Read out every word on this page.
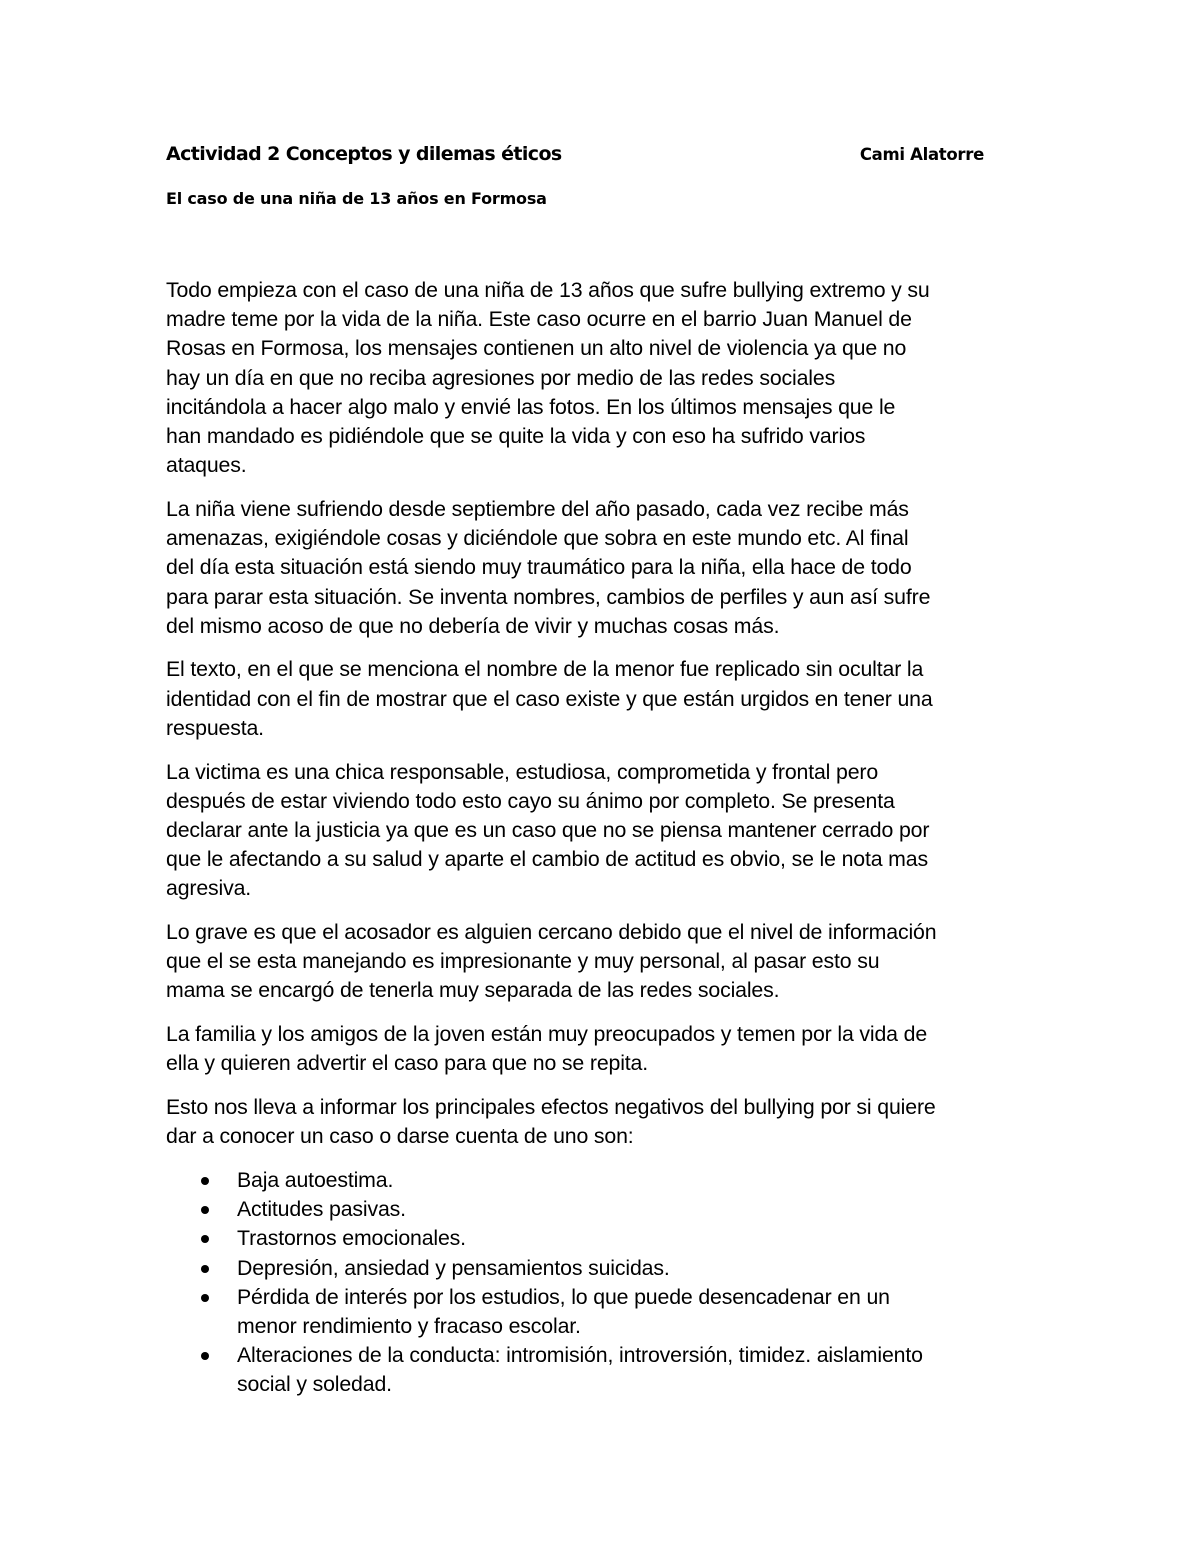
Actividad 2 Conceptos y dilemas éticos	Cami Alatorre
El caso de una niña de 13 años en Formosa

Todo empieza con el caso de una niña de 13 años que sufre bullying extremo y su
madre teme por la vida de la niña. Este caso ocurre en el barrio Juan Manuel de
Rosas en Formosa, los mensajes contienen un alto nivel de violencia ya que no
hay un día en que no reciba agresiones por medio de las redes sociales
incitándola a hacer algo malo y envié las fotos. En los últimos mensajes que le
han mandado es pidiéndole que se quite la vida y con eso ha sufrido varios
ataques.

La niña viene sufriendo desde septiembre del año pasado, cada vez recibe más
amenazas, exigiéndole cosas y diciéndole que sobra en este mundo etc. Al final
del día esta situación está siendo muy traumático para la niña, ella hace de todo
para parar esta situación. Se inventa nombres, cambios de perfiles y aun así sufre
del mismo acoso de que no debería de vivir y muchas cosas más.

El texto, en el que se menciona el nombre de la menor fue replicado sin ocultar la
identidad con el fin de mostrar que el caso existe y que están urgidos en tener una
respuesta.

La victima es una chica responsable, estudiosa, comprometida y frontal pero
después de estar viviendo todo esto cayo su ánimo por completo. Se presenta
declarar ante la justicia ya que es un caso que no se piensa mantener cerrado por
que le afectando a su salud y aparte el cambio de actitud es obvio, se le nota mas
agresiva.

Lo grave es que el acosador es alguien cercano debido que el nivel de información
que el se esta manejando es impresionante y muy personal, al pasar esto su
mama se encargó de tenerla muy separada de las redes sociales.

La familia y los amigos de la joven están muy preocupados y temen por la vida de
ella y quieren advertir el caso para que no se repita.

Esto nos lleva a informar los principales efectos negativos del bullying por si quiere
dar a conocer un caso o darse cuenta de uno son:

Baja autoestima.
Actitudes pasivas.
Trastornos emocionales.
Depresión, ansiedad y pensamientos suicidas.
Pérdida de interés por los estudios, lo que puede desencadenar en un
menor rendimiento y fracaso escolar.
Alteraciones de la conducta: intromisión, introversión, timidez. aislamiento
social y soledad.
